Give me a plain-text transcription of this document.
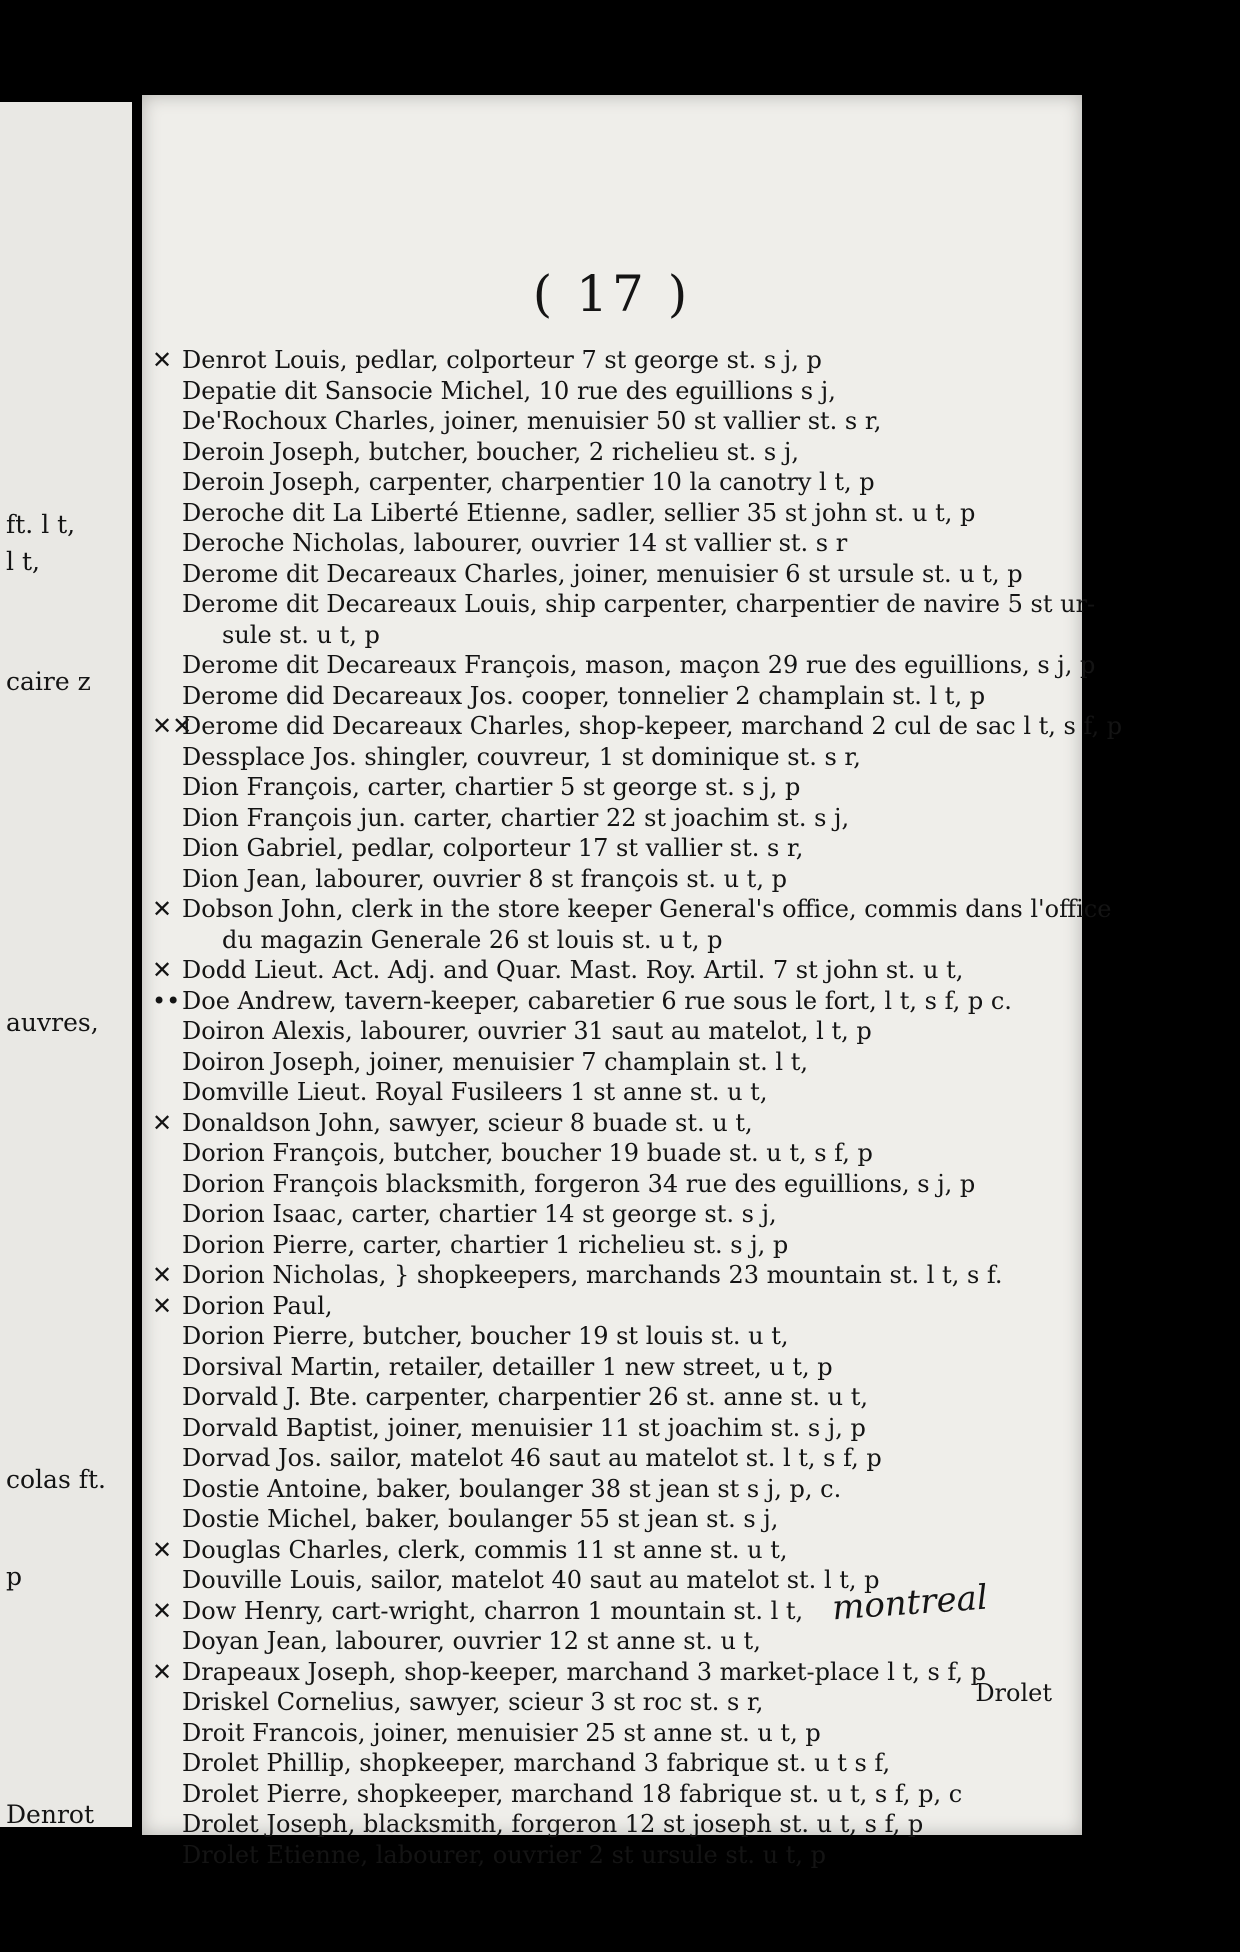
ft. l t,
l t,
caire z
auvres,
colas ft.
p
Denrot
( 17 )
✕ Denrot Louis, pedlar, colporteur 7 st george st. s j, p
Depatie dit Sansocie Michel, 10 rue des eguillions s j,
De'Rochoux Charles, joiner, menuisier 50 st vallier st. s r,
Deroin Joseph, butcher, boucher, 2 richelieu st. s j,
Deroin Joseph, carpenter, charpentier 10 la canotry l t, p
Deroche dit La Liberté Etienne, sadler, sellier 35 st john st. u t, p
Deroche Nicholas, labourer, ouvrier 14 st vallier st. s r
Derome dit Decareaux Charles, joiner, menuisier 6 st ursule st. u t, p
Derome dit Decareaux Louis, ship carpenter, charpentier de navire 5 st ur-
sule st. u t, p
Derome dit Decareaux François, mason, maçon 29 rue des eguillions, s j, p
Derome did Decareaux Jos. cooper, tonnelier 2 champlain st. l t, p
✕✕
Derome did Decareaux Charles, shop-kepeer, marchand 2 cul de sac l t, s f, p
Dessplace Jos. shingler, couvreur, 1 st dominique st. s r,
Dion François, carter, chartier 5 st george st. s j, p
Dion François jun. carter, chartier 22 st joachim st. s j,
Dion Gabriel, pedlar, colporteur 17 st vallier st. s r,
Dion Jean, labourer, ouvrier 8 st françois st. u t, p
✕ Dobson John, clerk in the store keeper General's office, commis dans l'office
du magazin Generale 26 st louis st. u t, p
✕ Dodd Lieut. Act. Adj. and Quar. Mast. Roy. Artil. 7 st john st. u t,
•• Doe Andrew, tavern-keeper, cabaretier 6 rue sous le fort, l t, s f, p c.
Doiron Alexis, labourer, ouvrier 31 saut au matelot, l t, p
Doiron Joseph, joiner, menuisier 7 champlain st. l t,
Domville Lieut. Royal Fusileers 1 st anne st. u t,
✕ Donaldson John, sawyer, scieur 8 buade st. u t,
Dorion François, butcher, boucher 19 buade st. u t, s f, p
Dorion François blacksmith, forgeron 34 rue des eguillions, s j, p
Dorion Isaac, carter, chartier 14 st george st. s j,
Dorion Pierre, carter, chartier 1 richelieu st. s j, p
✕ Dorion Nicholas, } shopkeepers, marchands 23 mountain st. l t, s f.
✕ Dorion Paul,
Dorion Pierre, butcher, boucher 19 st louis st. u t,
Dorsival Martin, retailer, detailler 1 new street, u t, p
Dorvald J. Bte. carpenter, charpentier 26 st. anne st. u t,
Dorvald Baptist, joiner, menuisier 11 st joachim st. s j, p
Dorvad Jos. sailor, matelot 46 saut au matelot st. l t, s f, p
Dostie Antoine, baker, boulanger 38 st jean st s j, p, c.
Dostie Michel, baker, boulanger 55 st jean st. s j,
✕ Douglas Charles, clerk, commis 11 st anne st. u t,
Douville Louis, sailor, matelot 40 saut au matelot st. l t, p
✕ Dow Henry, cart-wright, charron 1 mountain st. l t,
Doyan Jean, labourer, ouvrier 12 st anne st. u t,
✕ Drapeaux Joseph, shop-keeper, marchand 3 market-place l t, s f, p
Driskel Cornelius, sawyer, scieur 3 st roc st. s r,
Droit Francois, joiner, menuisier 25 st anne st. u t, p
Drolet Phillip, shopkeeper, marchand 3 fabrique st. u t s f,
Drolet Pierre, shopkeeper, marchand 18 fabrique st. u t, s f, p, c
Drolet Joseph, blacksmith, forgeron 12 st joseph st. u t, s f, p
Drolet Etienne, labourer, ouvrier 2 st ursule st. u t, p
montreal
Drolet
